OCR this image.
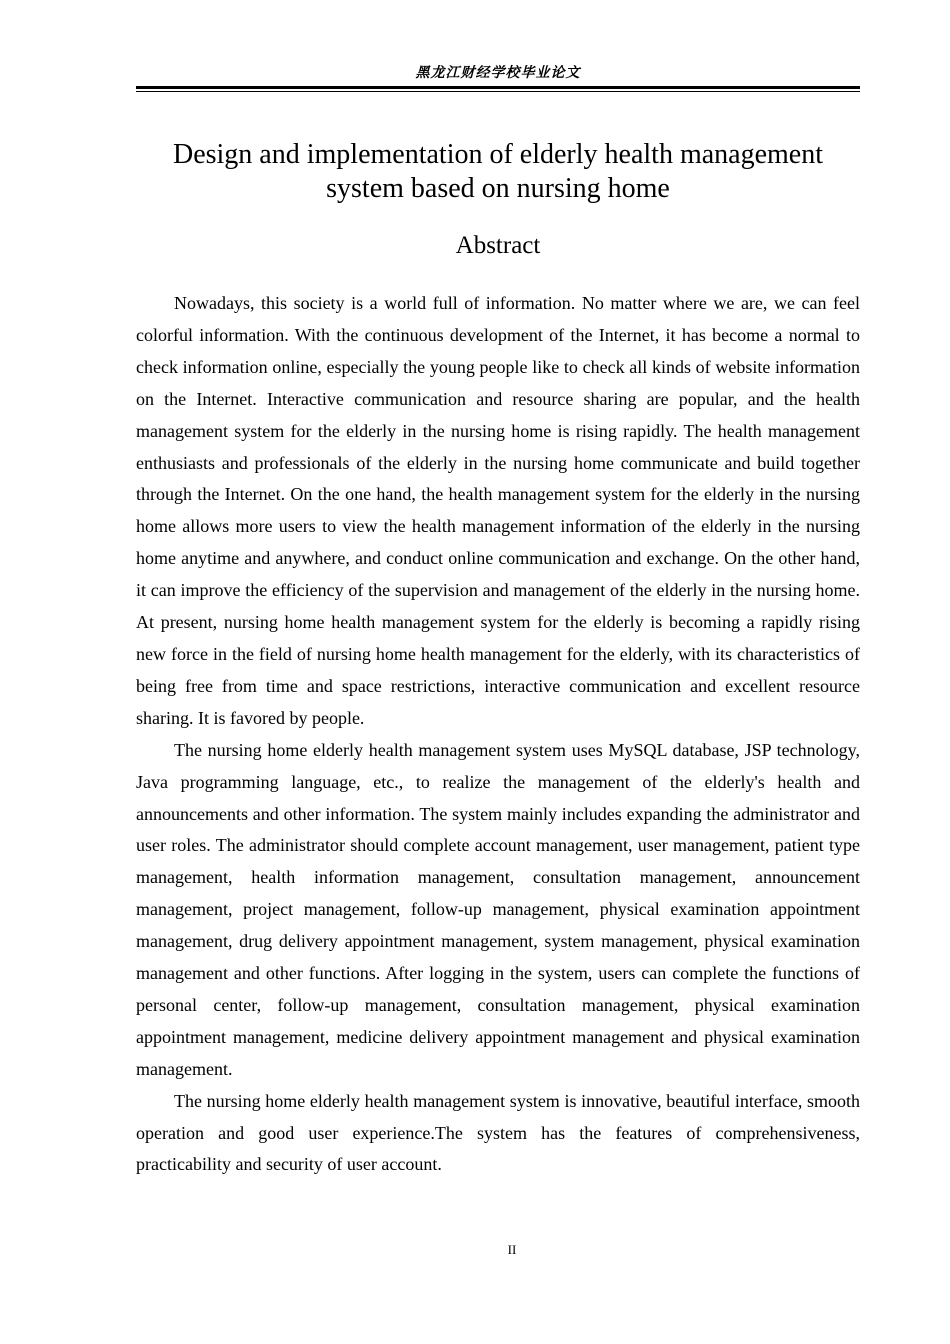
黑龙江财经学校毕业论文
Design and implementation of elderly health management
system based on nursing home
Abstract

Nowadays, this society is a world full of information. No matter where we are, we can feel colorful information. With the continuous development of the Internet, it has become a normal to check information online, especially the young people like to check all kinds of website information on the Internet. Interactive communication and resource sharing are popular, and the health management system for the elderly in the nursing home is rising rapidly. The health management enthusiasts and professionals of the elderly in the nursing home communicate and build together through the Internet. On the one hand, the health management system for the elderly in the nursing home allows more users to view the health management information of the elderly in the nursing home anytime and anywhere, and conduct online communication and exchange. On the other hand, it can improve the efficiency of the supervision and management of the elderly in the nursing home. At present, nursing home health management system for the elderly is becoming a rapidly rising new force in the field of nursing home health management for the elderly, with its characteristics of being free from time and space restrictions, interactive communication and excellent resource sharing. It is favored by people.

The nursing home elderly health management system uses MySQL database, JSP technology, Java programming language, etc., to realize the management of the elderly's health and announcements and other information. The system mainly includes expanding the administrator and user roles. The administrator should complete account management, user management, patient type management, health information management, consultation management, announcement management, project management, follow-up management, physical examination appointment management, drug delivery appointment management, system management, physical examination management and other functions. After logging in the system, users can complete the functions of personal center, follow-up management, consultation management, physical examination appointment management, medicine delivery appointment management and physical examination management.

The nursing home elderly health management system is innovative, beautiful interface, smooth operation and good user experience.The system has the features of comprehensiveness, practicability and security of user account.

II
